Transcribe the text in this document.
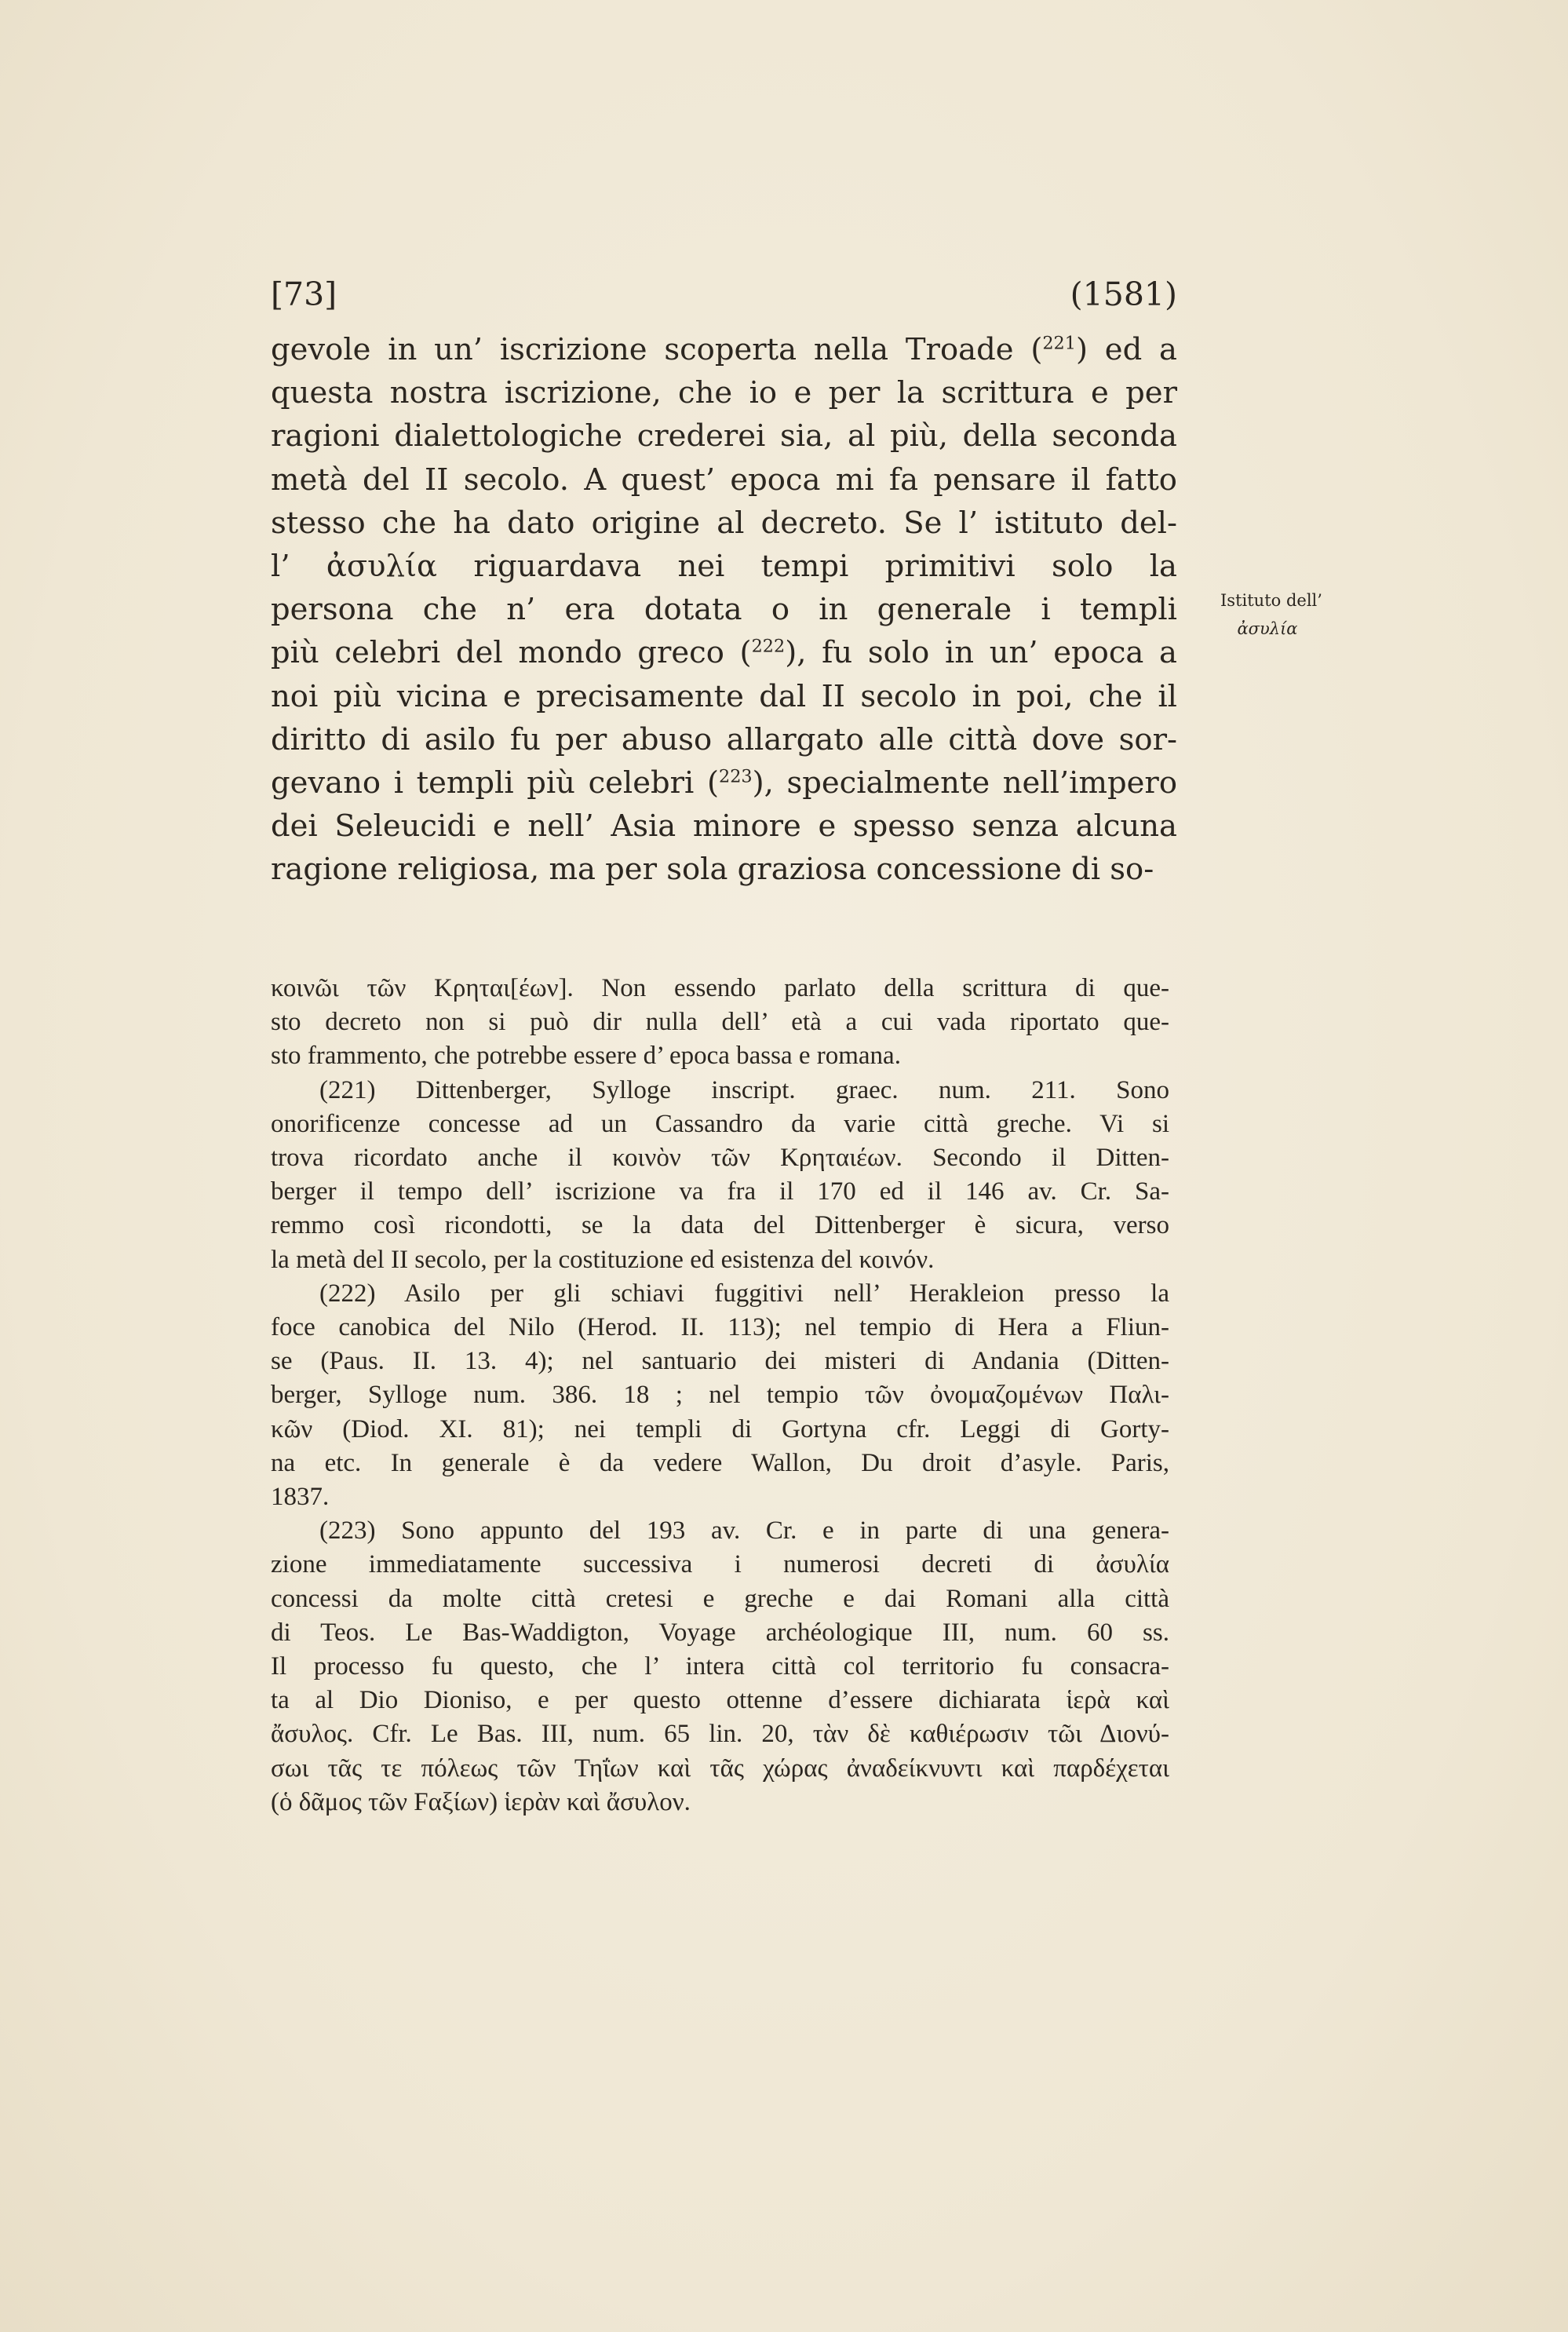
[73]	(1581)
gevole in un’ iscrizione scoperta nella Troade ($^{221}$) ed a
questa nostra iscrizione, che io e per la scrittura e per
ragioni dialettologiche crederei sia, al più, della seconda
metà del II secolo. A quest’ epoca mi fa pensare il fatto
stesso che ha dato origine al decreto. Se l’ istituto del-
l’ ἀσυλία riguardava nei tempi primitivi solo la
persona che n’ era dotata o in generale i templi
più celebri del mondo greco ($^{222}$), fu solo in un’ epoca a
noi più vicina e precisamente dal II secolo in poi, che il
diritto di asilo fu per abuso allargato alle città dove sor-
gevano i templi più celebri ($^{223}$), specialmente nell’impero
dei Seleucidi e nell’ Asia minore e spesso senza alcuna
ragione religiosa, ma per sola graziosa concessione di so-
Istituto dell’
ἀσυλία
κοινῶι τῶν Κρηται[έων]. Non essendo parlato della scrittura di que-
sto decreto non si può dir nulla dell’ età a cui vada riportato que-
sto frammento, che potrebbe essere d’ epoca bassa e romana.
(221) Dittenberger, Sylloge inscript. graec. num. 211. Sono
onorificenze concesse ad un Cassandro da varie città greche. Vi si
trova ricordato anche il κοινὸν τῶν Κρηταιέων. Secondo il Ditten-
berger il tempo dell’ iscrizione va fra il 170 ed il 146 av. Cr. Sa-
remmo così ricondotti, se la data del Dittenberger è sicura, verso
la metà del II secolo, per la costituzione ed esistenza del κοινόν.
(222) Asilo per gli schiavi fuggitivi nell’ Herakleion presso la
foce canobica del Nilo (Herod. II. 113); nel tempio di Hera a Fliun-
se (Paus. II. 13. 4); nel santuario dei misteri di Andania (Ditten-
berger, Sylloge num. 386. 18 ; nel tempio τῶν ὀνομαζομένων Παλι-
κῶν (Diod. XI. 81); nei templi di Gortyna cfr. Leggi di Gorty-
na etc. In generale è da vedere Wallon, Du droit d’asyle. Paris,
1837.
(223) Sono appunto del 193 av. Cr. e in parte di una genera-
zione immediatamente successiva i numerosi decreti di ἀσυλία
concessi da molte città cretesi e greche e dai Romani alla città
di Teos. Le Bas-Waddigton, Voyage archéologique III, num. 60 ss.
Il processo fu questo, che l’ intera città col territorio fu consacra-
ta al Dio Dioniso, e per questo ottenne d’essere dichiarata ἱερὰ καὶ
ἄσυλος. Cfr. Le Bas. III, num. 65 lin. 20, τὰν δὲ καθιέρωσιν τῶι Διονύ-
σωι τᾶς τε πόλεως τῶν Τηΐων καὶ τᾶς χώρας ἀναδείκνυντι καὶ παρδέχεται
(ὁ δᾶμος τῶν Fαξίων) ἱερὰν καὶ ἄσυλον.
